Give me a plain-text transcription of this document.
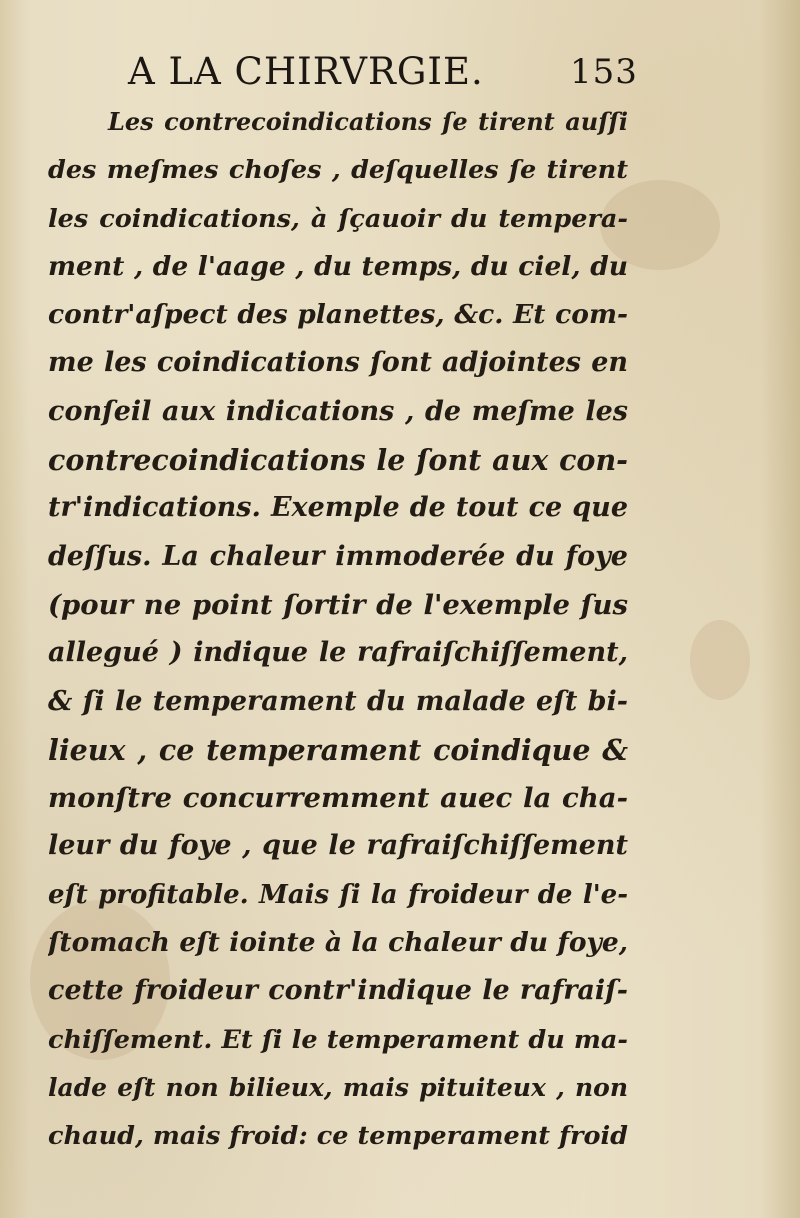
A LA CHIRVRGIE.	153
Les contrecoindications ſe tirent auſſi
des meſmes choſes , deſquelles ſe tirent
les coindications, à ſçauoir du tempera-
ment , de l'aage , du temps, du ciel, du
contr'aſpect des planettes, &c. Et com-
me les coindications ſont adjointes en
conſeil aux indications , de meſme les
contrecoindications le ſont aux con-
tr'indications. Exemple de tout ce que
deſſus. La chaleur immoderée du foye
(pour ne point ſortir de l'exemple ſus
allegué ) indique le rafraiſchiſſement,
& ſi le temperament du malade eſt bi-
lieux , ce temperament coindique &
monſtre concurremment auec la cha-
leur du foye , que le rafraiſchiſſement
eſt profitable. Mais ſi la froideur de l'e-
ſtomach eſt iointe à la chaleur du foye,
cette froideur contr'indique le rafraiſ-
chiſſement. Et ſi le temperament du ma-
lade eſt non bilieux, mais pituiteux , non
chaud, mais froid: ce temperament froid
